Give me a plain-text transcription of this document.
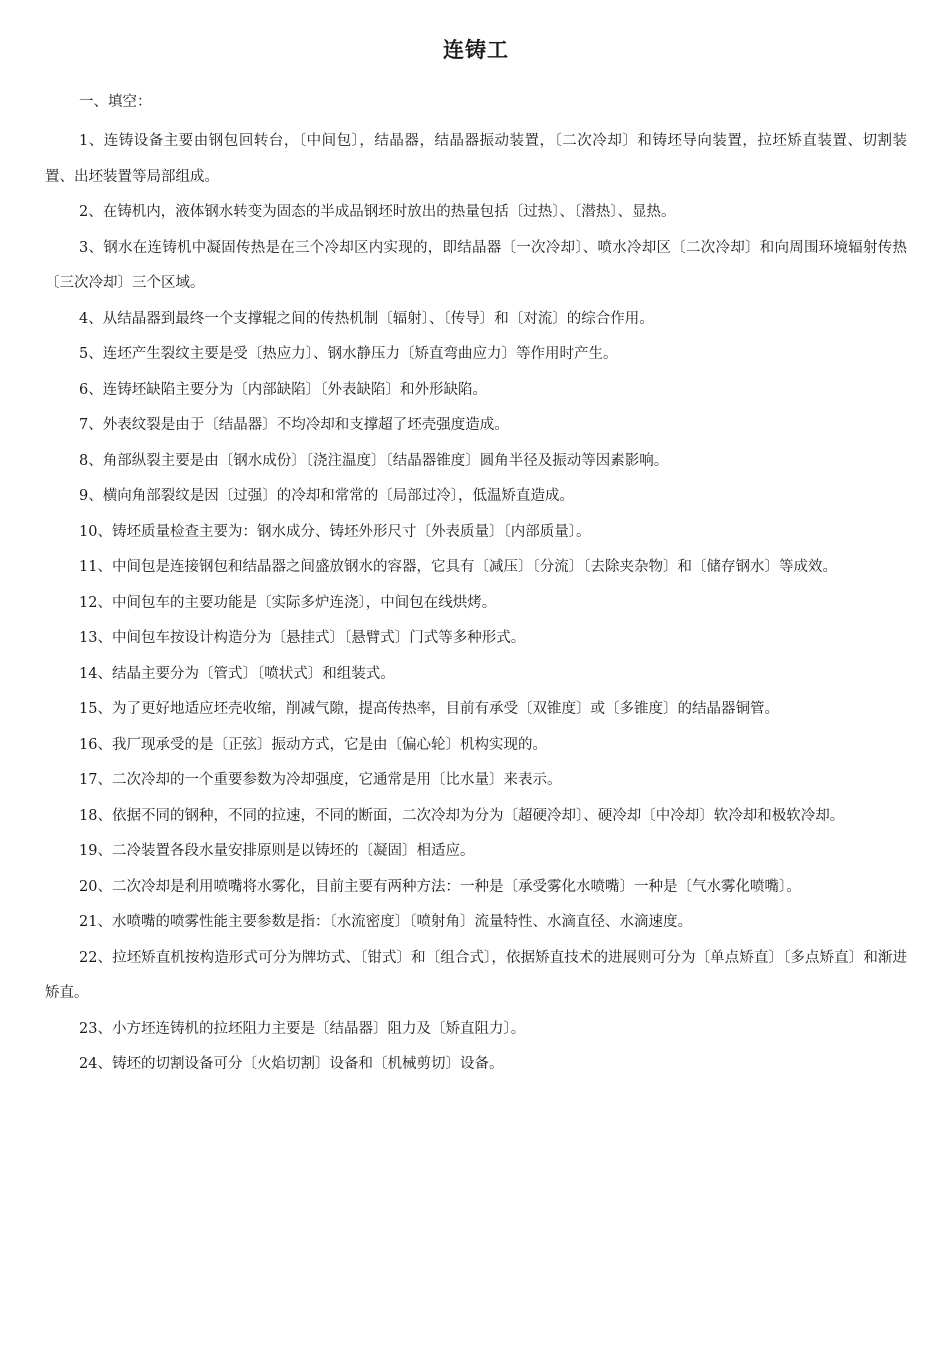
连铸工

一、填空：

1、连铸设备主要由钢包回转台，〔中间包〕，结晶器，结晶器振动装置，〔二次冷却〕和铸坯导向装置，拉坯矫直装置、切割装置、出坯装置等局部组成。

2、在铸机内，液体钢水转变为固态的半成品钢坯时放出的热量包括〔过热〕、〔潜热〕、显热。

3、钢水在连铸机中凝固传热是在三个冷却区内实现的，即结晶器〔一次冷却〕、喷水冷却区〔二次冷却〕和向周围环境辐射传热〔三次冷却〕三个区域。

4、从结晶器到最终一个支撑辊之间的传热机制〔辐射〕、〔传导〕和〔对流〕的综合作用。

5、连坯产生裂纹主要是受〔热应力〕、钢水静压力〔矫直弯曲应力〕等作用时产生。

6、连铸坯缺陷主要分为〔内部缺陷〕〔外表缺陷〕和外形缺陷。

7、外表纹裂是由于〔结晶器〕不均冷却和支撑超了坯壳强度造成。

8、角部纵裂主要是由〔钢水成份〕〔浇注温度〕〔结晶器锥度〕圆角半径及振动等因素影响。

9、横向角部裂纹是因〔过强〕的冷却和常常的〔局部过冷〕，低温矫直造成。

10、铸坯质量检查主要为：钢水成分、铸坯外形尺寸〔外表质量〕〔内部质量〕。

11、中间包是连接钢包和结晶器之间盛放钢水的容器，它具有〔减压〕〔分流〕〔去除夹杂物〕和〔储存钢水〕等成效。

12、中间包车的主要功能是〔实际多炉连浇〕，中间包在线烘烤。

13、中间包车按设计构造分为〔悬挂式〕〔悬臂式〕门式等多种形式。

14、结晶主要分为〔管式〕〔喷状式〕和组装式。

15、为了更好地适应坯壳收缩，削减气隙，提高传热率，目前有承受〔双锥度〕或〔多锥度〕的结晶器铜管。

16、我厂现承受的是〔正弦〕振动方式，它是由〔偏心轮〕机构实现的。

17、二次冷却的一个重要参数为冷却强度，它通常是用〔比水量〕来表示。

18、依据不同的钢种，不同的拉速，不同的断面，二次冷却为分为〔超硬冷却〕、硬冷却〔中冷却〕软冷却和极软冷却。

19、二冷装置各段水量安排原则是以铸坯的〔凝固〕相适应。

20、二次冷却是利用喷嘴将水雾化，目前主要有两种方法：一种是〔承受雾化水喷嘴〕一种是〔气水雾化喷嘴〕。

21、水喷嘴的喷雾性能主要参数是指：〔水流密度〕〔喷射角〕流量特性、水滴直径、水滴速度。

22、拉坯矫直机按构造形式可分为牌坊式、〔钳式〕和〔组合式〕，依据矫直技术的进展则可分为〔单点矫直〕〔多点矫直〕和渐进矫直。

23、小方坯连铸机的拉坯阻力主要是〔结晶器〕阻力及〔矫直阻力〕。

24、铸坯的切割设备可分〔火焰切割〕设备和〔机械剪切〕设备。
